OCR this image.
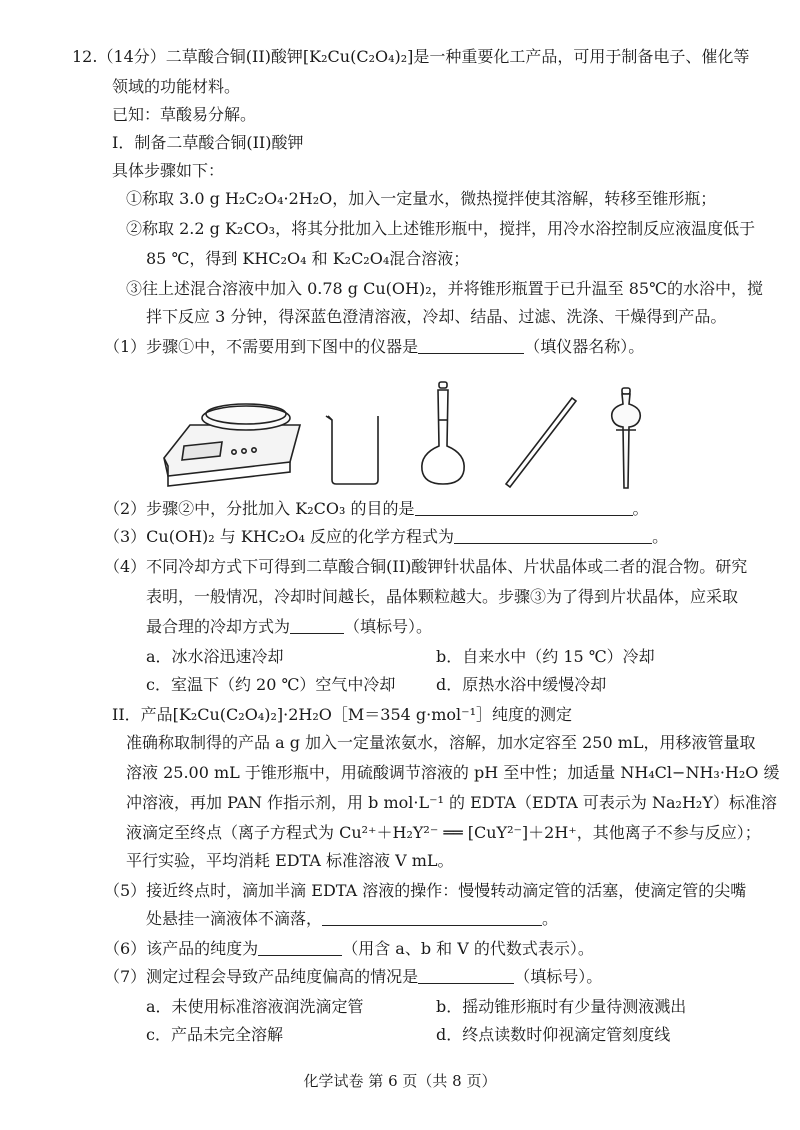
12.（14分）二草酸合铜(II)酸钾[K₂Cu(C₂O₄)₂]是一种重要化工产品，可用于制备电子、催化等
领域的功能材料。
已知：草酸易分解。
I．制备二草酸合铜(II)酸钾
具体步骤如下：
①称取 3.0 g H₂C₂O₄·2H₂O，加入一定量水，微热搅拌使其溶解，转移至锥形瓶；
②称取 2.2 g K₂CO₃，将其分批加入上述锥形瓶中，搅拌，用冷水浴控制反应液温度低于
85 ℃，得到 KHC₂O₄ 和 K₂C₂O₄混合溶液；
③往上述混合溶液中加入 0.78 g Cu(OH)₂，并将锥形瓶置于已升温至 85℃的水浴中，搅
拌下反应 3 分钟，得深蓝色澄清溶液，冷却、结晶、过滤、洗涤、干燥得到产品。
（1）步骤①中，不需要用到下图中的仪器是	（填仪器名称）。
（2）步骤②中，分批加入 K₂CO₃ 的目的是	。
（3）Cu(OH)₂ 与 KHC₂O₄ 反应的化学方程式为	。
（4）不同冷却方式下可得到二草酸合铜(II)酸钾针状晶体、片状晶体或二者的混合物。研究
表明，一般情况，冷却时间越长，晶体颗粒越大。步骤③为了得到片状晶体，应采取
最合理的冷却方式为	（填标号）。
a．冰水浴迅速冷却	b．自来水中（约 15 ℃）冷却
c．室温下（约 20 ℃）空气中冷却	d．原热水浴中缓慢冷却
II．产品[K₂Cu(C₂O₄)₂]·2H₂O［M＝354 g·mol⁻¹］纯度的测定
准确称取制得的产品 a g 加入一定量浓氨水，溶解，加水定容至 250 mL，用移液管量取
溶液 25.00 mL 于锥形瓶中，用硫酸调节溶液的 pH 至中性；加适量 NH₄Cl−NH₃·H₂O 缓
冲溶液，再加 PAN 作指示剂，用 b mol·L⁻¹ 的 EDTA（EDTA 可表示为 Na₂H₂Y）标准溶
液滴定至终点（离子方程式为 Cu²⁺＋H₂Y²⁻ ══ [CuY²⁻]＋2H⁺，其他离子不参与反应）；
平行实验，平均消耗 EDTA 标准溶液 V mL。
（5）接近终点时，滴加半滴 EDTA 溶液的操作：慢慢转动滴定管的活塞，使滴定管的尖嘴
处悬挂一滴液体不滴落，	。
（6）该产品的纯度为	（用含 a、b 和 V 的代数式表示）。
（7）测定过程会导致产品纯度偏高的情况是	（填标号）。
a．未使用标准溶液润洗滴定管	b．摇动锥形瓶时有少量待测液溅出
c．产品未完全溶解	d．终点读数时仰视滴定管刻度线
化学试卷 第 6 页（共 8 页）
